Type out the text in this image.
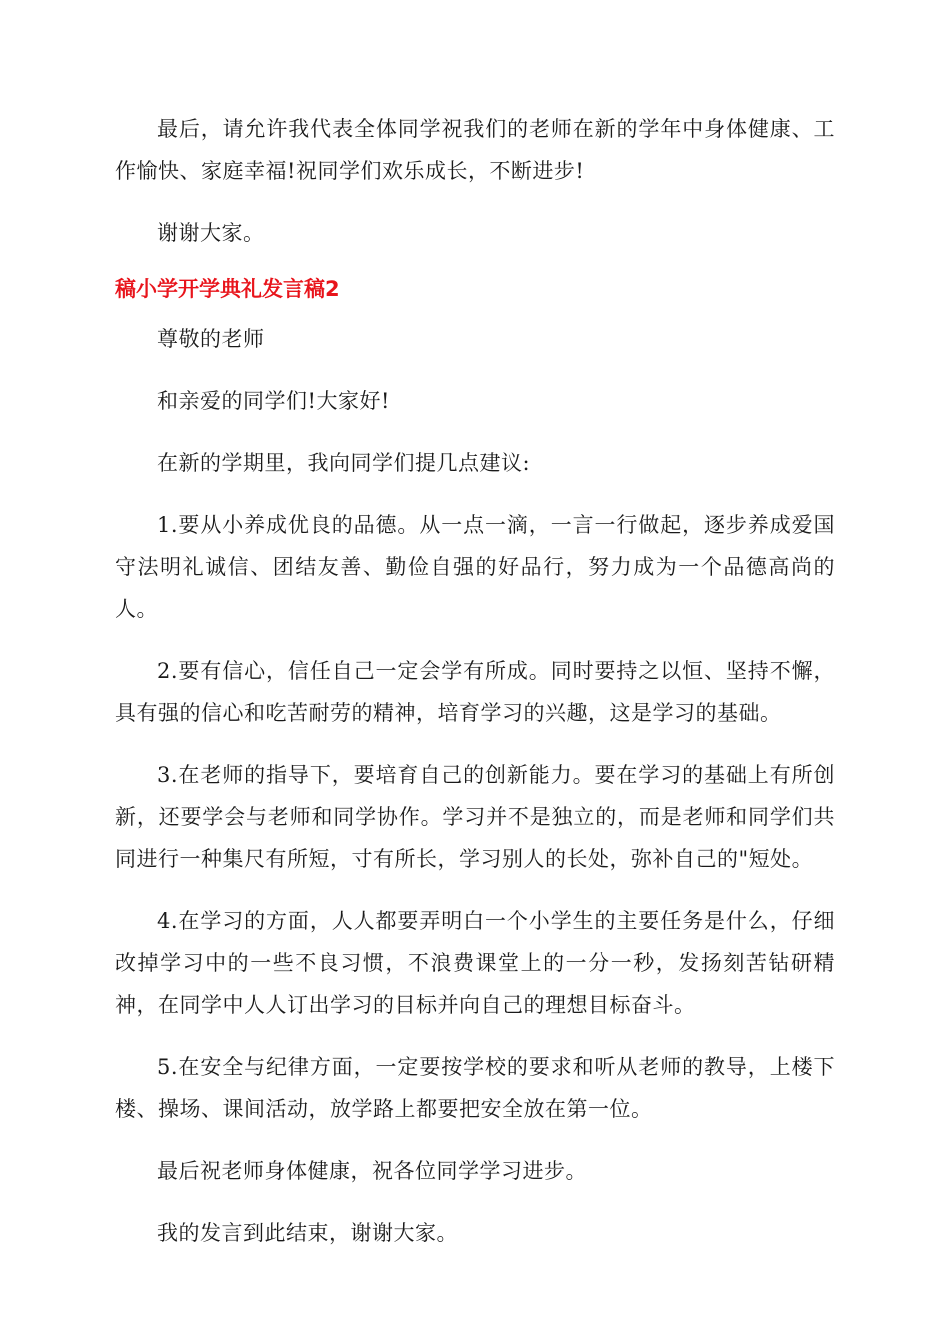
最后，请允许我代表全体同学祝我们的老师在新的学年中身体健康、工作愉快、家庭幸福!祝同学们欢乐成长，不断进步!

谢谢大家。

稿小学开学典礼发言稿2

尊敬的老师

和亲爱的同学们!大家好!

在新的学期里，我向同学们提几点建议:

1.要从小养成优良的品德。从一点一滴，一言一行做起，逐步养成爱国守法明礼诚信、团结友善、勤俭自强的好品行，努力成为一个品德高尚的人。

2.要有信心，信任自己一定会学有所成。同时要持之以恒、坚持不懈，具有强的信心和吃苦耐劳的精神，培育学习的兴趣，这是学习的基础。

3.在老师的指导下，要培育自己的创新能力。要在学习的基础上有所创新，还要学会与老师和同学协作。学习并不是独立的，而是老师和同学们共同进行一种集尺有所短，寸有所长，学习别人的长处，弥补自己的"短处。

4.在学习的方面，人人都要弄明白一个小学生的主要任务是什么，仔细改掉学习中的一些不良习惯，不浪费课堂上的一分一秒，发扬刻苦钻研精神，在同学中人人订出学习的目标并向自己的理想目标奋斗。

5.在安全与纪律方面，一定要按学校的要求和听从老师的教导，上楼下楼、操场、课间活动，放学路上都要把安全放在第一位。

最后祝老师身体健康，祝各位同学学习进步。

我的发言到此结束，谢谢大家。
